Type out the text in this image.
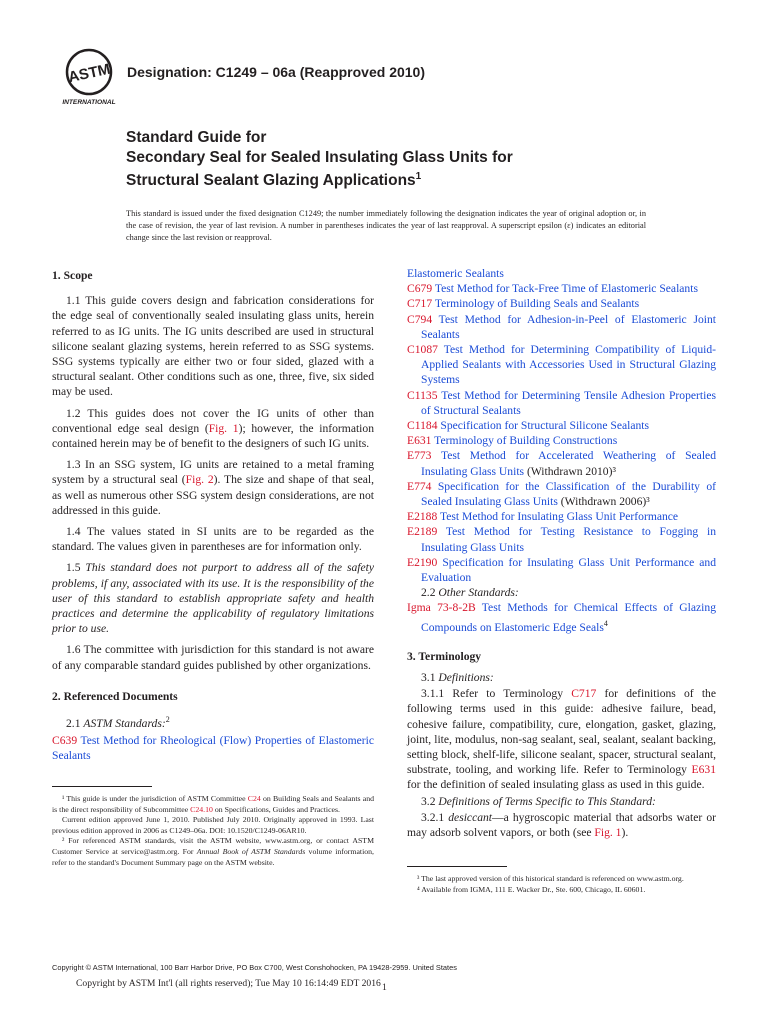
ASTM
INTERNATIONAL
Designation: C1249 – 06a (Reapproved 2010)
Standard Guide for
Secondary Seal for Sealed Insulating Glass Units for
Structural Sealant Glazing Applications$^1$
This standard is issued under the fixed designation C1249; the number immediately following the designation indicates the year of original adoption or, in the case of revision, the year of last revision. A number in parentheses indicates the year of last reapproval. A superscript epsilon (ε) indicates an editorial change since the last revision or reapproval.

1. Scope

1.1 This guide covers design and fabrication considerations for the edge seal of conventionally sealed insulating glass units, herein referred to as IG units. The IG units described are used in structural silicone sealant glazing systems, herein referred to as SSG systems. SSG systems typically are either two or four sided, glazed with a structural sealant. Other conditions such as one, three, five, six sided may be used.

1.2 This guides does not cover the IG units of other than conventional edge seal design (Fig. 1); however, the information contained herein may be of benefit to the designers of such IG units.

1.3 In an SSG system, IG units are retained to a metal framing system by a structural seal (Fig. 2). The size and shape of that seal, as well as numerous other SSG system design considerations, are not addressed in this guide.

1.4 The values stated in SI units are to be regarded as the standard. The values given in parentheses are for information only.

1.5 This standard does not purport to address all of the safety problems, if any, associated with its use. It is the responsibility of the user of this standard to establish appropriate safety and health practices and determine the applicability of regulatory limitations prior to use.

1.6 The committee with jurisdiction for this standard is not aware of any comparable standard guides published by other organizations.

2. Referenced Documents

2.1 ASTM Standards:$^2$

C639 Test Method for Rheological (Flow) Properties of Elastomeric Sealants

¹ This guide is under the jurisdiction of ASTM Committee C24 on Building Seals and Sealants and is the direct responsibility of Subcommittee C24.10 on Specifications, Guides and Practices.

Current edition approved June 1, 2010. Published July 2010. Originally approved in 1993. Last previous edition approved in 2006 as C1249–06a. DOI: 10.1520/C1249-06AR10.

² For referenced ASTM standards, visit the ASTM website, www.astm.org, or contact ASTM Customer Service at service@astm.org. For Annual Book of ASTM Standards volume information, refer to the standard's Document Summary page on the ASTM website.

Elastomeric Sealants

C679 Test Method for Tack-Free Time of Elastomeric Sealants

C717 Terminology of Building Seals and Sealants

C794 Test Method for Adhesion-in-Peel of Elastomeric Joint Sealants

C1087 Test Method for Determining Compatibility of Liquid-Applied Sealants with Accessories Used in Structural Glazing Systems

C1135 Test Method for Determining Tensile Adhesion Properties of Structural Sealants

C1184 Specification for Structural Silicone Sealants

E631 Terminology of Building Constructions

E773 Test Method for Accelerated Weathering of Sealed Insulating Glass Units (Withdrawn 2010)³

E774 Specification for the Classification of the Durability of Sealed Insulating Glass Units (Withdrawn 2006)³

E2188 Test Method for Insulating Glass Unit Performance

E2189 Test Method for Testing Resistance to Fogging in Insulating Glass Units

E2190 Specification for Insulating Glass Unit Performance and Evaluation

2.2 Other Standards:

Igma 73-8-2B Test Methods for Chemical Effects of Glazing Compounds on Elastomeric Edge Seals$^4$

3. Terminology

3.1 Definitions:

3.1.1 Refer to Terminology C717 for definitions of the following terms used in this guide: adhesive failure, bead, cohesive failure, compatibility, cure, elongation, gasket, glazing, joint, lite, modulus, non-sag sealant, seal, sealant, sealant backing, setting block, shelf-life, silicone sealant, spacer, structural sealant, substrate, tooling, and working life. Refer to Terminology E631 for the definition of sealed insulating glass as used in this guide.

3.2 Definitions of Terms Specific to This Standard:

3.2.1 desiccant—a hygroscopic material that adsorbs water or may adsorb solvent vapors, or both (see Fig. 1).

³ The last approved version of this historical standard is referenced on www.astm.org.

⁴ Available from IGMA, 111 E. Wacker Dr., Ste. 600, Chicago, IL 60601.

Copyright © ASTM International, 100 Barr Harbor Drive, PO Box C700, West Conshohocken, PA 19428-2959. United States
Copyright by ASTM Int'l (all rights reserved); Tue May 10 16:14:49 EDT 2016 1
